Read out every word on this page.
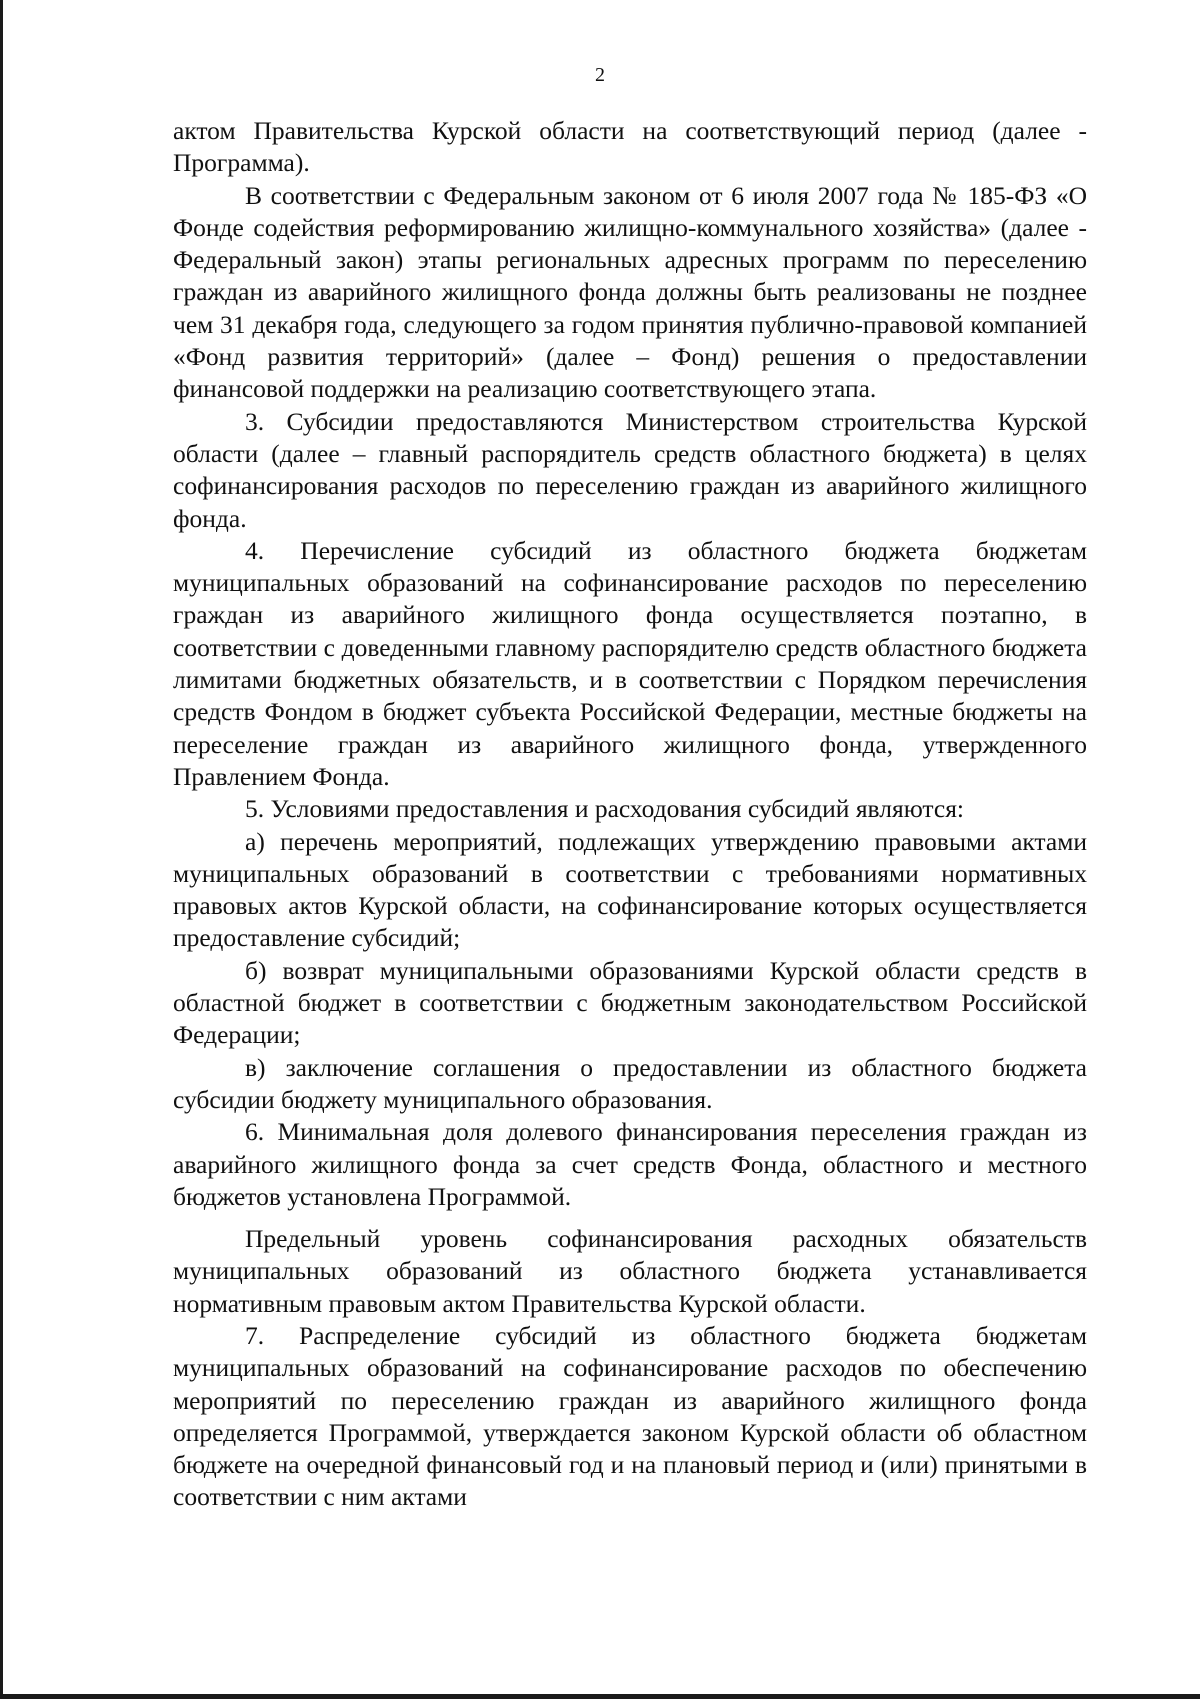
2

актом Правительства Курской области на соответствующий период (далее - Программа).

В соответствии с Федеральным законом от 6 июля 2007 года № 185-ФЗ «О Фонде содействия реформированию жилищно-коммунального хозяйства» (далее - Федеральный закон) этапы региональных адресных программ по переселению граждан из аварийного жилищного фонда должны быть реализованы не позднее чем 31 декабря года, следующего за годом принятия публично-правовой компанией «Фонд развития территорий» (далее – Фонд) решения о предоставлении финансовой поддержки на реализацию соответствующего этапа.

3. Субсидии предоставляются Министерством строительства Курской области (далее – главный распорядитель средств областного бюджета) в целях софинансирования расходов по переселению граждан из аварийного жилищного фонда.

4. Перечисление субсидий из областного бюджета бюджетам муниципальных образований на софинансирование расходов по переселению граждан из аварийного жилищного фонда осуществляется поэтапно, в соответствии с доведенными главному распорядителю средств областного бюджета лимитами бюджетных обязательств, и в соответствии с Порядком перечисления средств Фондом в бюджет субъекта Российской Федерации, местные бюджеты на переселение граждан из аварийного жилищного фонда, утвержденного Правлением Фонда.

5. Условиями предоставления и расходования субсидий являются:

а) перечень мероприятий, подлежащих утверждению правовыми актами муниципальных образований в соответствии с требованиями нормативных правовых актов Курской области, на софинансирование которых осуществляется предоставление субсидий;

б) возврат муниципальными образованиями Курской области средств в областной бюджет в соответствии с бюджетным законодательством Российской Федерации;

в) заключение соглашения о предоставлении из областного бюджета субсидии бюджету муниципального образования.

6. Минимальная доля долевого финансирования переселения граждан из аварийного жилищного фонда за счет средств Фонда, областного и местного бюджетов установлена Программой.

Предельный уровень софинансирования расходных обязательств муниципальных образований из областного бюджета устанавливается нормативным правовым актом Правительства Курской области.

7. Распределение субсидий из областного бюджета бюджетам муниципальных образований на софинансирование расходов по обеспечению мероприятий по переселению граждан из аварийного жилищного фонда определяется Программой, утверждается законом Курской области об областном бюджете на очередной финансовый год и на плановый период и (или) принятыми в соответствии с ним актами
